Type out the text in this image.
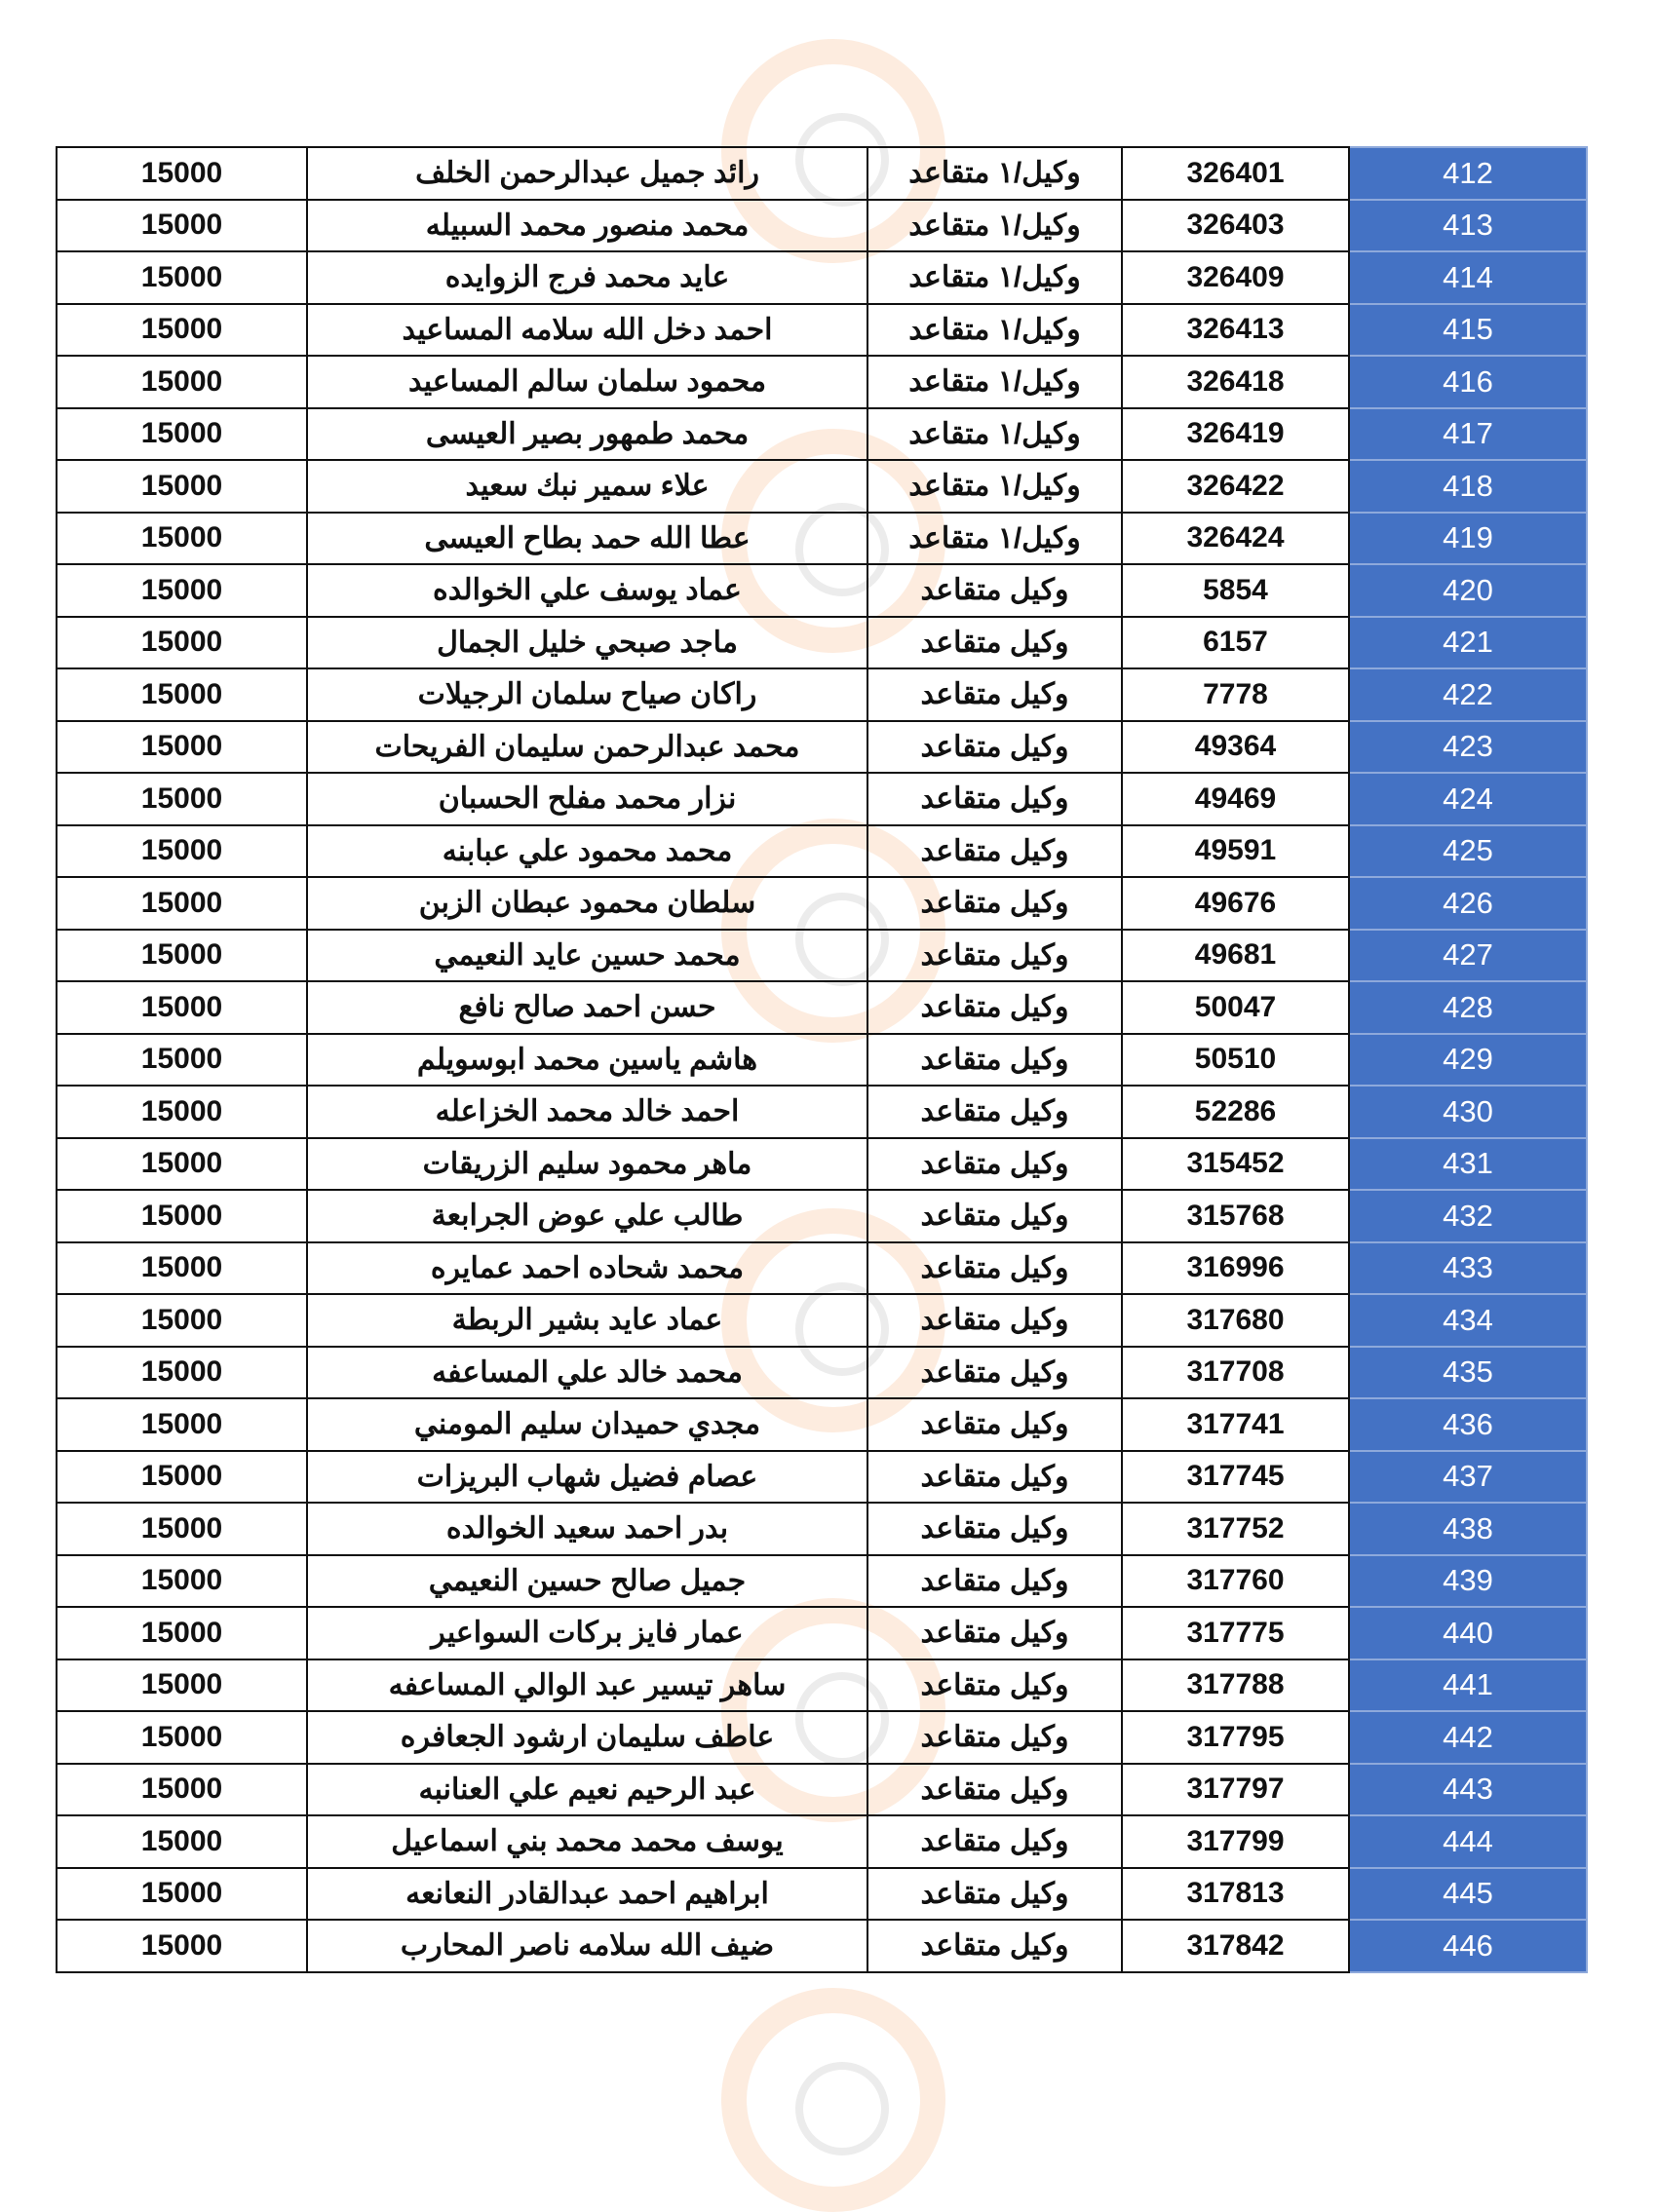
15000	رائد جميل عبدالرحمن الخلف	وكيل/١ متقاعد	326401	412
15000	محمد منصور محمد السبيله	وكيل/١ متقاعد	326403	413
15000	عايد محمد فرج الزوايده	وكيل/١ متقاعد	326409	414
15000	احمد دخل الله سلامه المساعيد	وكيل/١ متقاعد	326413	415
15000	محمود سلمان سالم المساعيد	وكيل/١ متقاعد	326418	416
15000	محمد طمهور بصير العيسى	وكيل/١ متقاعد	326419	417
15000	علاء سمير نبك سعيد	وكيل/١ متقاعد	326422	418
15000	عطا الله حمد بطاح العيسى	وكيل/١ متقاعد	326424	419
15000	عماد يوسف علي الخوالده	وكيل متقاعد	5854	420
15000	ماجد صبحي خليل الجمال	وكيل متقاعد	6157	421
15000	راكان صياح سلمان الرجيلات	وكيل متقاعد	7778	422
15000	محمد عبدالرحمن سليمان الفريحات	وكيل متقاعد	49364	423
15000	نزار محمد مفلح الحسبان	وكيل متقاعد	49469	424
15000	محمد محمود علي عبابنه	وكيل متقاعد	49591	425
15000	سلطان محمود عبطان الزبن	وكيل متقاعد	49676	426
15000	محمد حسين عايد النعيمي	وكيل متقاعد	49681	427
15000	حسن احمد صالح نافع	وكيل متقاعد	50047	428
15000	هاشم ياسين محمد ابوسويلم	وكيل متقاعد	50510	429
15000	احمد خالد محمد الخزاعله	وكيل متقاعد	52286	430
15000	ماهر محمود سليم الزريقات	وكيل متقاعد	315452	431
15000	طالب علي عوض الجرابعة	وكيل متقاعد	315768	432
15000	محمد شحاده احمد عمايره	وكيل متقاعد	316996	433
15000	عماد عايد بشير الربطة	وكيل متقاعد	317680	434
15000	محمد خالد علي المساعفه	وكيل متقاعد	317708	435
15000	مجدي حميدان سليم المومني	وكيل متقاعد	317741	436
15000	عصام فضيل شهاب البريزات	وكيل متقاعد	317745	437
15000	بدر احمد سعيد الخوالده	وكيل متقاعد	317752	438
15000	جميل صالح حسين النعيمي	وكيل متقاعد	317760	439
15000	عمار فايز بركات السواعير	وكيل متقاعد	317775	440
15000	ساهر تيسير عبد الوالي المساعفه	وكيل متقاعد	317788	441
15000	عاطف سليمان ارشود الجعافره	وكيل متقاعد	317795	442
15000	عبد الرحيم نعيم علي العنانبه	وكيل متقاعد	317797	443
15000	يوسف محمد محمد بني اسماعيل	وكيل متقاعد	317799	444
15000	ابراهيم احمد عبدالقادر النعانعه	وكيل متقاعد	317813	445
15000	ضيف الله سلامه ناصر المحارب	وكيل متقاعد	317842	446
